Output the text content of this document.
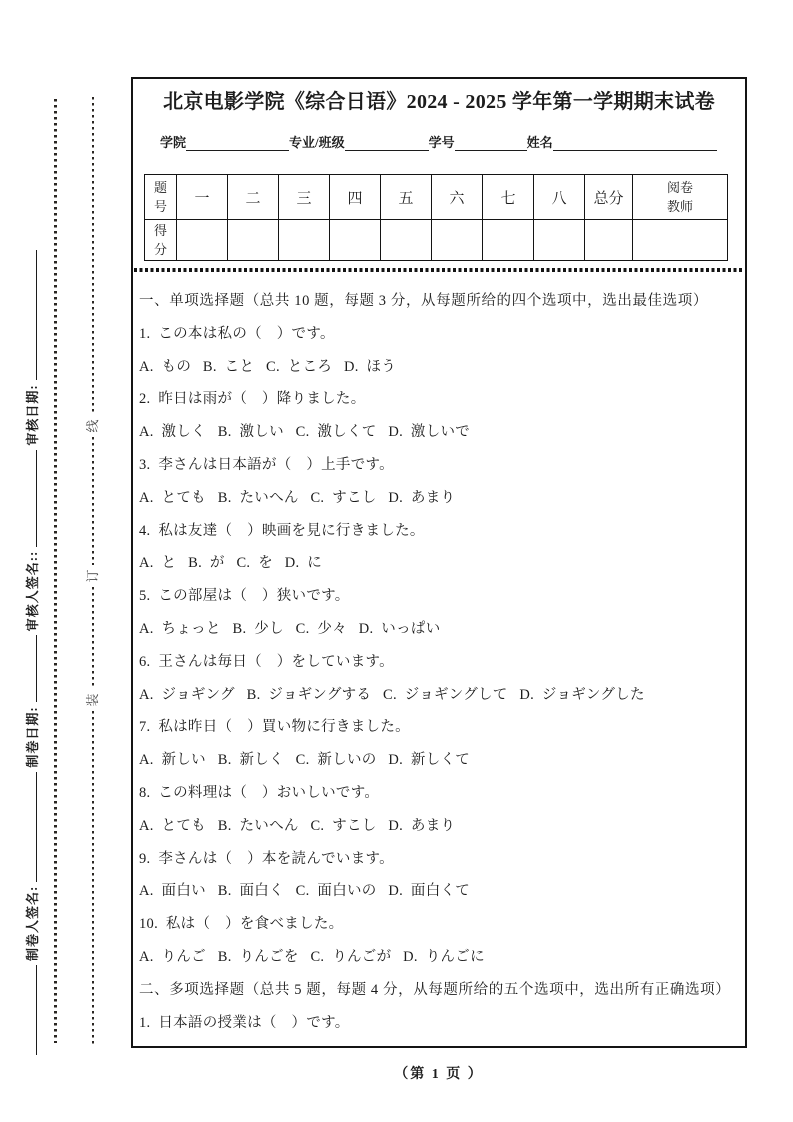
制卷人签名:制卷日期:审核人签名::审核日期:	线
订
装
北京电影学院《综合日语》2024 - 2025 学年第一学期期末试卷
学院	专业/班级	学号	姓名
题号	一	二	三	四	五	六	七	八	总分	阅卷教师

得分										

一、单项选择题（总共 10 题，每题 3 分，从每题所给的四个选项中，选出最佳选项）
1.  この本は私の（　）です。
A.  もの   B.  こと   C.  ところ   D.  ほう
2.  昨日は雨が（　）降りました。
A.  激しく   B.  激しい   C.  激しくて   D.  激しいで
3.  李さんは日本語が（　）上手です。
A.  とても   B.  たいへん   C.  すこし   D.  あまり
4.  私は友達（　）映画を見に行きました。
A.  と   B.  が   C.  を   D.  に
5.  この部屋は（　）狭いです。
A.  ちょっと   B.  少し   C.  少々   D.  いっぱい
6.  王さんは毎日（　）をしています。
A.  ジョギング   B.  ジョギングする   C.  ジョギングして   D.  ジョギングした
7.  私は昨日（　）買い物に行きました。
A.  新しい   B.  新しく   C.  新しいの   D.  新しくて
8.  この料理は（　）おいしいです。
A.  とても   B.  たいへん   C.  すこし   D.  あまり
9.  李さんは（　）本を読んでいます。
A.  面白い   B.  面白く   C.  面白いの   D.  面白くて
10.  私は（　）を食べました。
A.  りんご   B.  りんごを   C.  りんごが   D.  りんごに
二、多项选择题（总共 5 题，每题 4 分，从每题所给的五个选项中，选出所有正确选项）
1.  日本語の授業は（　）です。
（第 1 页 ）
